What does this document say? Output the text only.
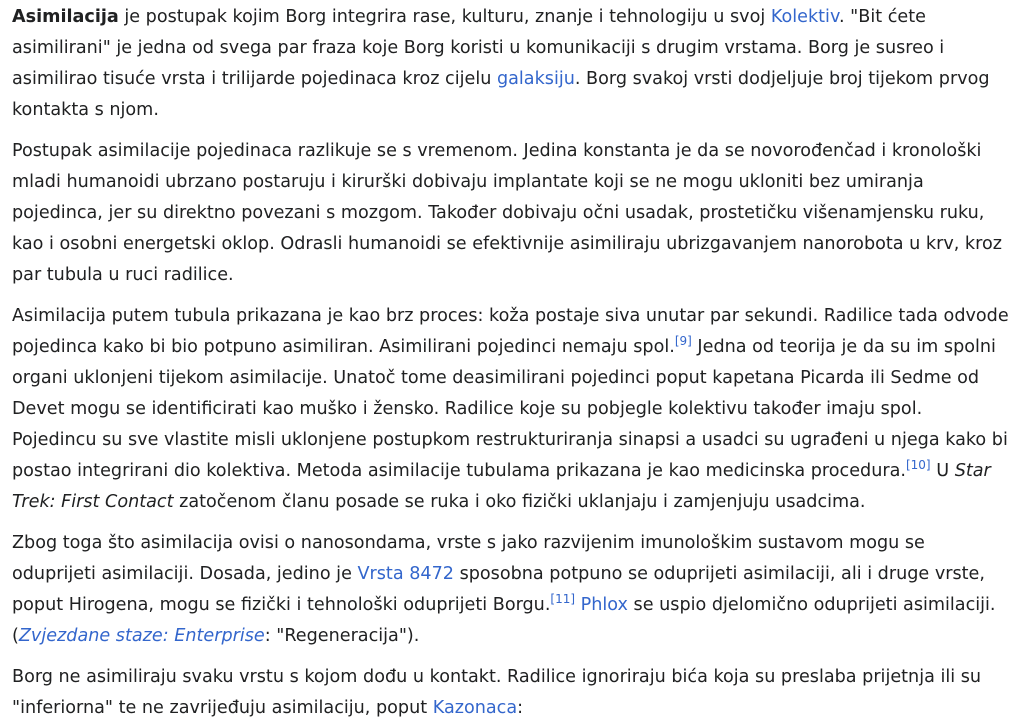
Asimilacija je postupak kojim Borg integrira rase, kulturu, znanje i tehnologiju u svoj Kolektiv. "Bit ćete asimilirani" je jedna od svega par fraza koje Borg koristi u komunikaciji s drugim vrstama. Borg je susreo i asimilirao tisuće vrsta i trilijarde pojedinaca kroz cijelu galaksiju. Borg svakoj vrsti dodjeljuje broj tijekom prvog kontakta s njom.

Postupak asimilacije pojedinaca razlikuje se s vremenom. Jedina konstanta je da se novorođenčad i kronološki mladi humanoidi ubrzano postaruju i kirurški dobivaju implantate koji se ne mogu ukloniti bez umiranja pojedinca, jer su direktno povezani s mozgom. Također dobivaju očni usadak, prostetičku višenamjensku ruku, kao i osobni energetski oklop. Odrasli humanoidi se efektivnije asimiliraju ubrizgavanjem nanorobota u krv, kroz par tubula u ruci radilice.

Asimilacija putem tubula prikazana je kao brz proces: koža postaje siva unutar par sekundi. Radilice tada odvode pojedinca kako bi bio potpuno asimiliran. Asimilirani pojedinci nemaju spol.[9] Jedna od teorija je da su im spolni organi uklonjeni tijekom asimilacije. Unatoč tome deasimilirani pojedinci poput kapetana Picarda ili Sedme od Devet mogu se identificirati kao muško i žensko. Radilice koje su pobjegle kolektivu također imaju spol. Pojedincu su sve vlastite misli uklonjene postupkom restrukturiranja sinapsi a usadci su ugrađeni u njega kako bi postao integrirani dio kolektiva. Metoda asimilacije tubulama prikazana je kao medicinska procedura.[10] U Star Trek: First Contact zatočenom članu posade se ruka i oko fizički uklanjaju i zamjenjuju usadcima.

Zbog toga što asimilacija ovisi o nanosondama, vrste s jako razvijenim imunološkim sustavom mogu se oduprijeti asimilaciji. Dosada, jedino je Vrsta 8472 sposobna potpuno se oduprijeti asimilaciji, ali i druge vrste, poput Hirogena, mogu se fizički i tehnološki oduprijeti Borgu.[11] Phlox se uspio djelomično oduprijeti asimilaciji. (Zvjezdane staze: Enterprise: "Regeneracija").

Borg ne asimiliraju svaku vrstu s kojom dođu u kontakt. Radilice ignoriraju bića koja su preslaba prijetnja ili su "inferiorna" te ne zavrijeđuju asimilaciju, poput Kazonaca:
